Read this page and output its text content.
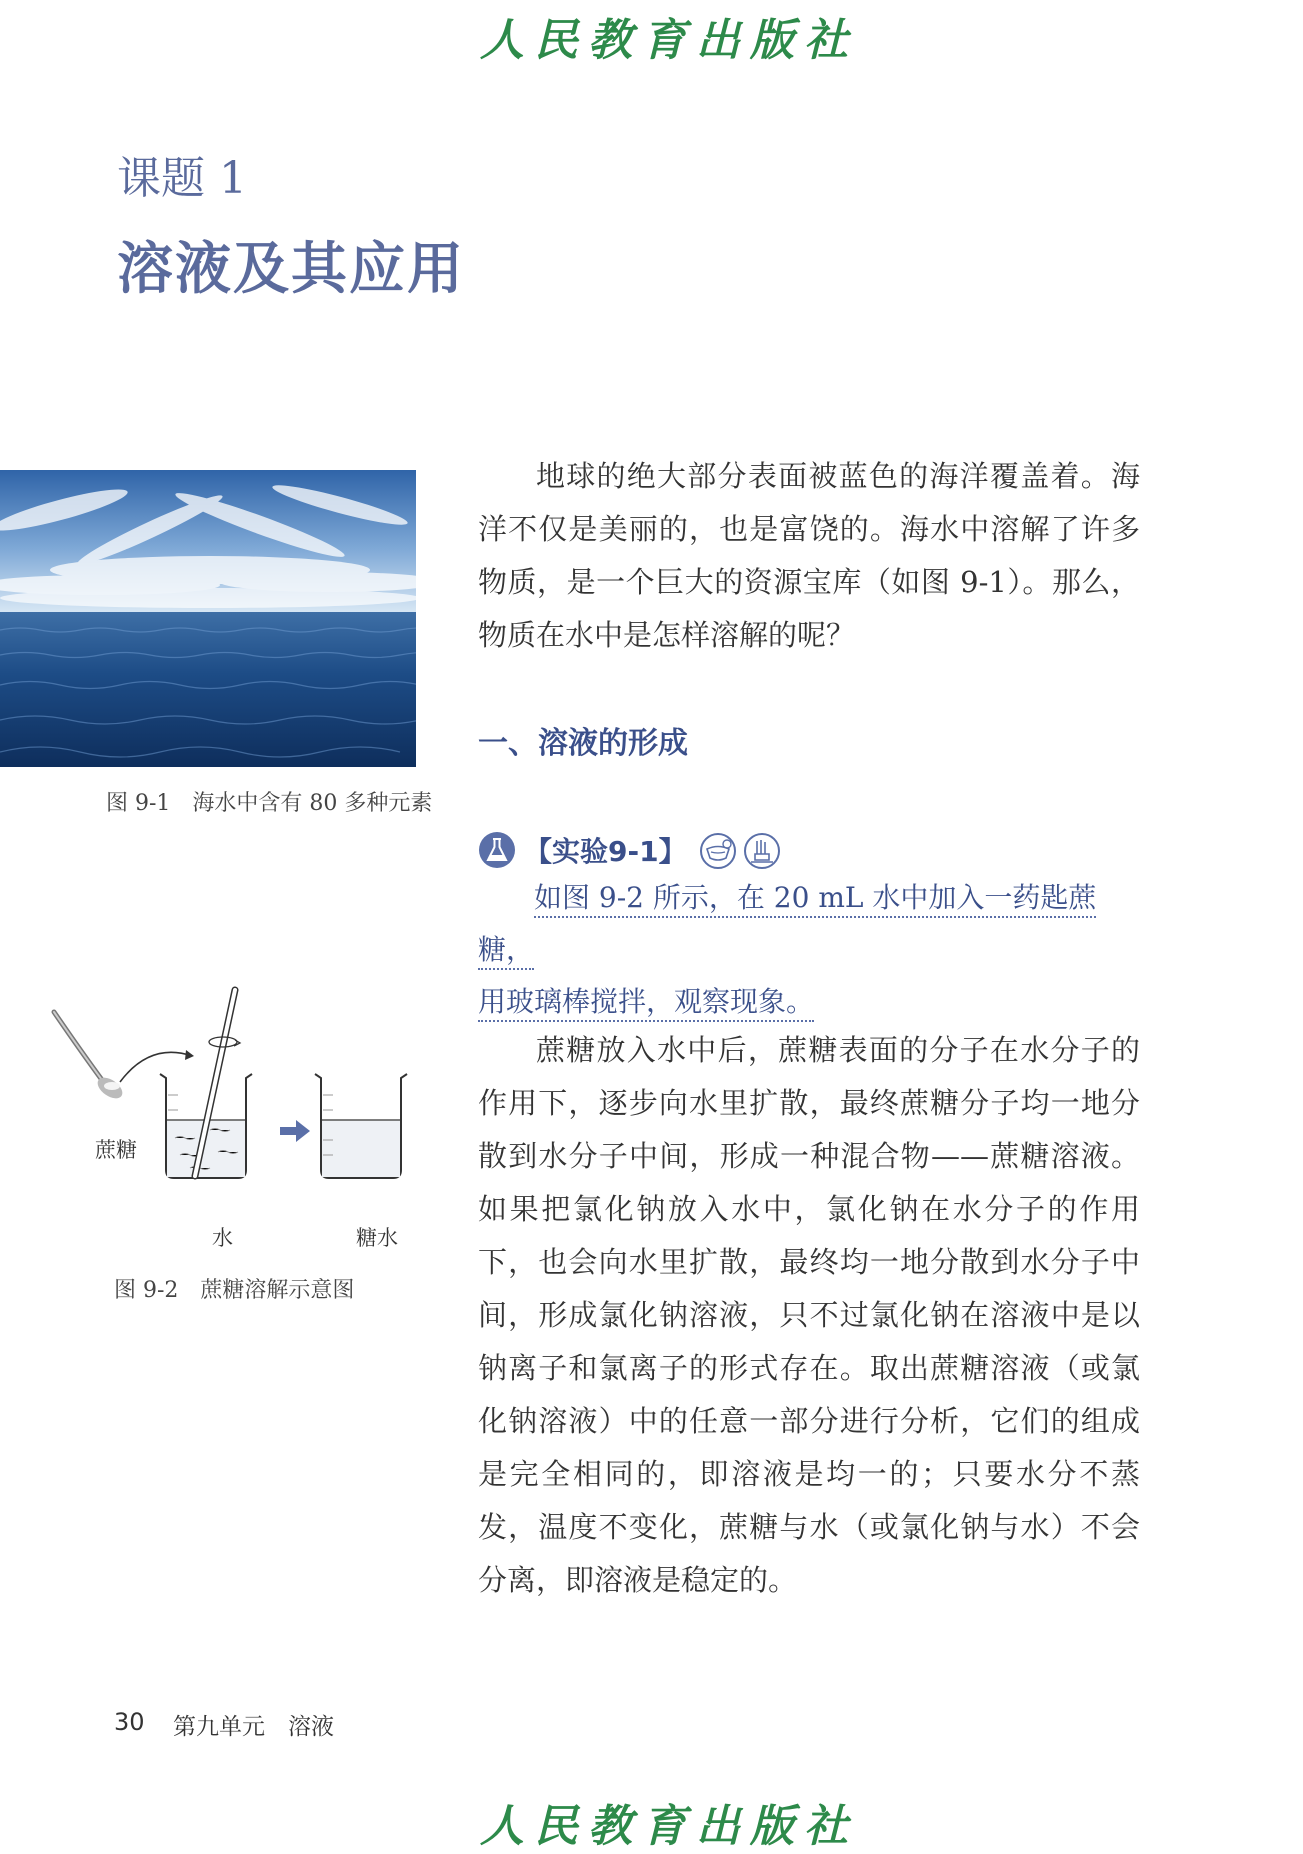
人民教育出版社
课题 1
溶液及其应用
图 9-1　海水中含有 80 多种元素
地球的绝大部分表面被蓝色的海洋覆盖着。海洋不仅是美丽的，也是富饶的。海水中溶解了许多物质，是一个巨大的资源宝库（如图 9-1）。那么，物质在水中是怎样溶解的呢？
一、溶液的形成
【实验9-1】
如图 9-2 所示，在 20 mL 水中加入一药匙蔗糖，
用玻璃棒搅拌，观察现象。
蔗糖
水	糖水
图 9-2　蔗糖溶解示意图
蔗糖放入水中后，蔗糖表面的分子在水分子的作用下，逐步向水里扩散，最终蔗糖分子均一地分散到水分子中间，形成一种混合物——蔗糖溶液。如果把氯化钠放入水中，氯化钠在水分子的作用下，也会向水里扩散，最终均一地分散到水分子中间，形成氯化钠溶液，只不过氯化钠在溶液中是以钠离子和氯离子的形式存在。取出蔗糖溶液（或氯化钠溶液）中的任意一部分进行分析，它们的组成是完全相同的，即溶液是均一的；只要水分不蒸发，温度不变化，蔗糖与水（或氯化钠与水）不会分离，即溶液是稳定的。
30 第九单元　溶液
人民教育出版社
